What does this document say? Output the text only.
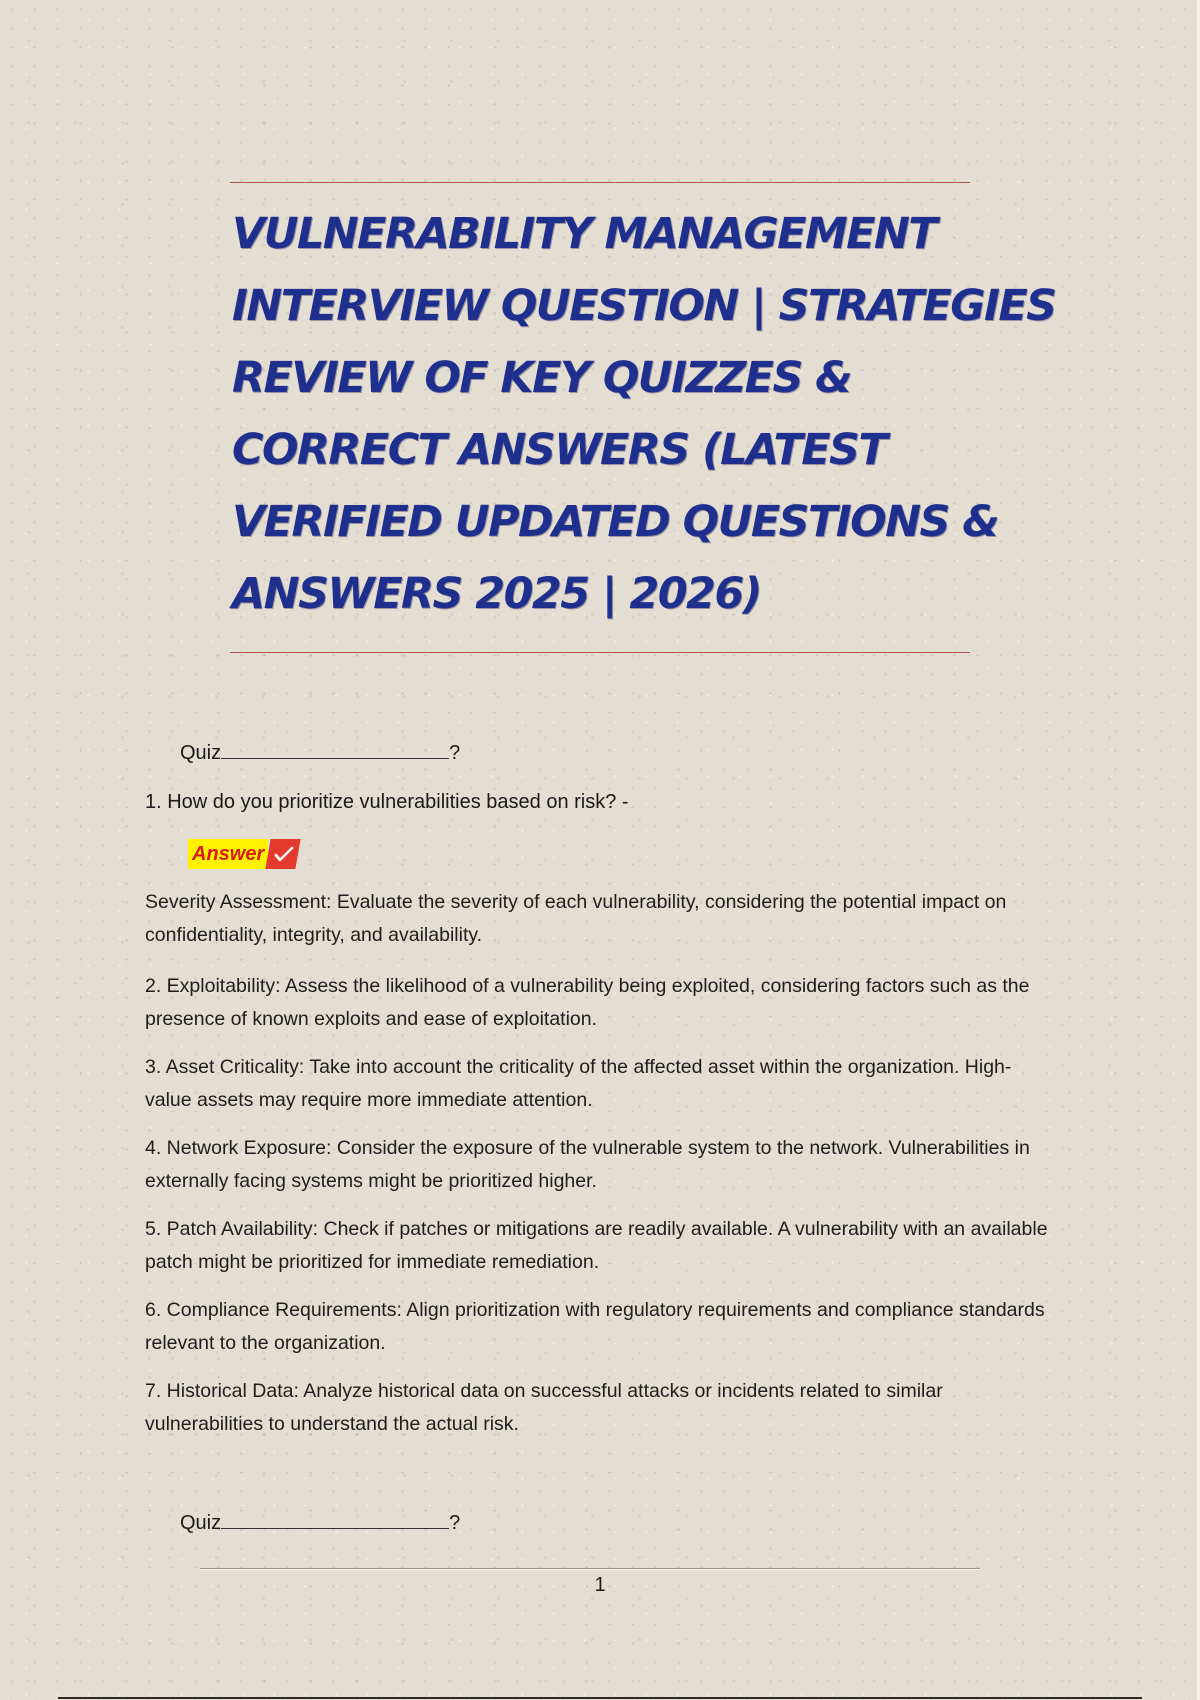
VULNERABILITY MANAGEMENT
INTERVIEW QUESTION | STRATEGIES
REVIEW OF KEY QUIZZES &
CORRECT ANSWERS (LATEST
VERIFIED UPDATED QUESTIONS &
ANSWERS 2025 | 2026)
Quiz	?
1. How do you prioritize vulnerabilities based on risk? -
Answer

Severity Assessment: Evaluate the severity of each vulnerability, considering the potential impact on confidentiality, integrity, and availability.

2. Exploitability: Assess the likelihood of a vulnerability being exploited, considering factors such as the presence of known exploits and ease of exploitation.

3. Asset Criticality: Take into account the criticality of the affected asset within the organization. High-value assets may require more immediate attention.

4. Network Exposure: Consider the exposure of the vulnerable system to the network. Vulnerabilities in externally facing systems might be prioritized higher.

5. Patch Availability: Check if patches or mitigations are readily available. A vulnerability with an available patch might be prioritized for immediate remediation.

6. Compliance Requirements: Align prioritization with regulatory requirements and compliance standards relevant to the organization.

7. Historical Data: Analyze historical data on successful attacks or incidents related to similar vulnerabilities to understand the actual risk.

Quiz	?
1
